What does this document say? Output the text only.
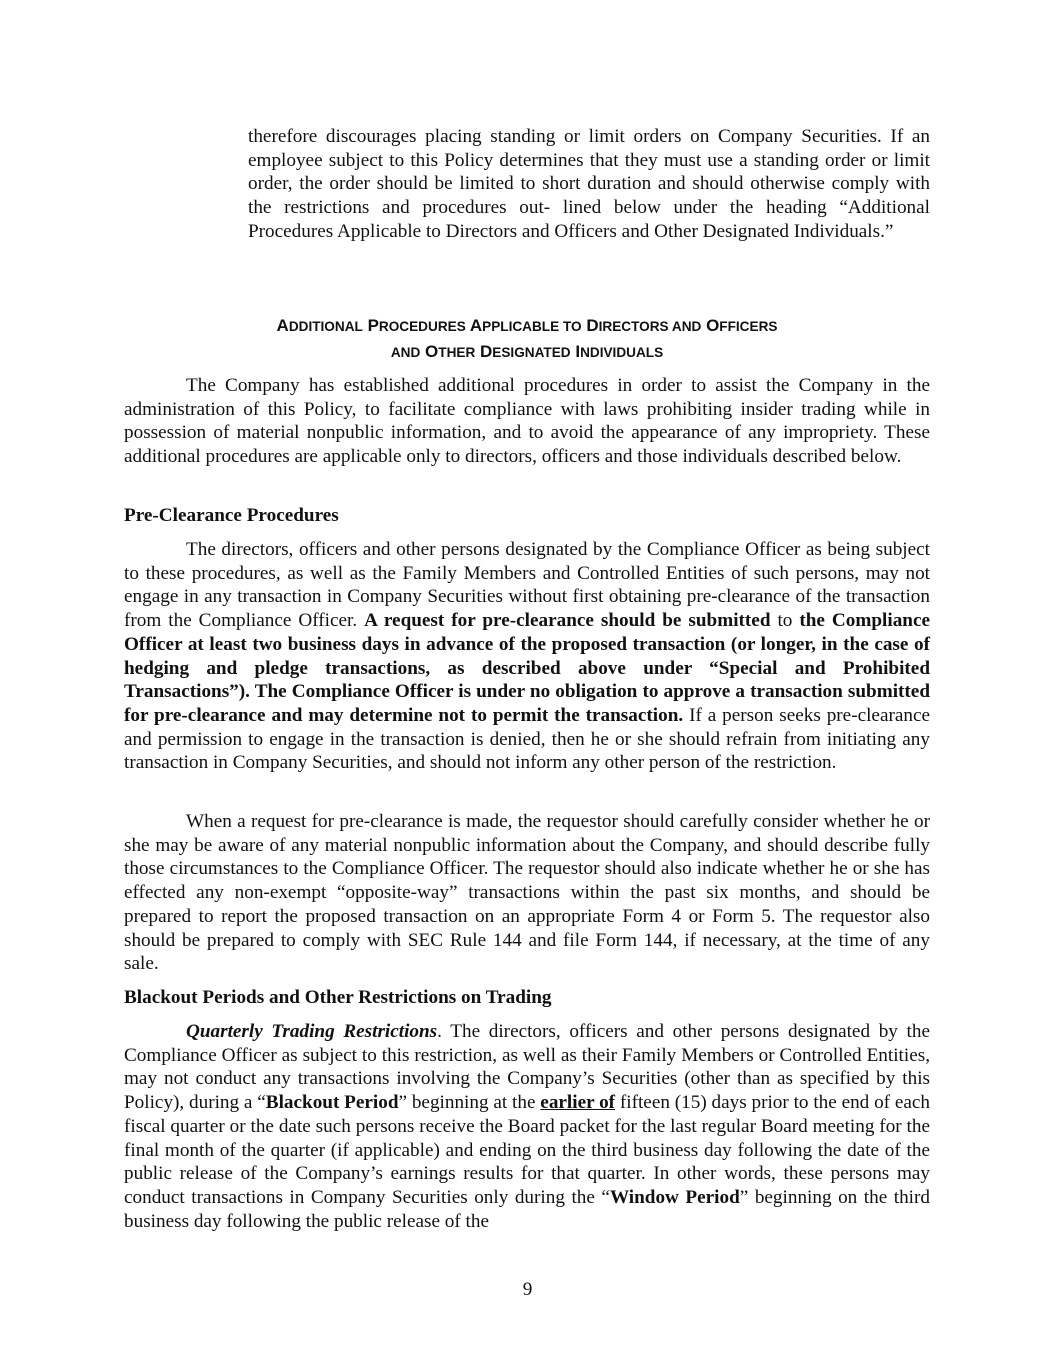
therefore discourages placing standing or limit orders on Company Securities. If an employee subject to this Policy determines that they must use a standing order or limit order, the order should be limited to short duration and should otherwise comply with the restrictions and procedures out- lined below under the heading “Additional Procedures Applicable to Directors and Officers and Other Designated Individuals.”

ADDITIONAL PROCEDURES APPLICABLE TO DIRECTORS AND OFFICERS
AND OTHER DESIGNATED INDIVIDUALS

The Company has established additional procedures in order to assist the Company in the administration of this Policy, to facilitate compliance with laws prohibiting insider trading while in possession of material nonpublic information, and to avoid the appearance of any impropriety. These additional procedures are applicable only to directors, officers and those individuals described below.

Pre-Clearance Procedures

The directors, officers and other persons designated by the Compliance Officer as being subject to these procedures, as well as the Family Members and Controlled Entities of such persons, may not engage in any transaction in Company Securities without first obtaining pre-clearance of the transaction from the Compliance Officer. A request for pre-clearance should be submitted to the Compliance Officer at least two business days in advance of the proposed transaction (or longer, in the case of hedging and pledge transactions, as described above under “Special and Prohibited Transactions”). The Compliance Officer is under no obligation to approve a transaction submitted for pre-clearance and may determine not to permit the transaction. If a person seeks pre-clearance and permission to engage in the transaction is denied, then he or she should refrain from initiating any transaction in Company Securities, and should not inform any other person of the restriction.

When a request for pre-clearance is made, the requestor should carefully consider whether he or she may be aware of any material nonpublic information about the Company, and should describe fully those circumstances to the Compliance Officer. The requestor should also indicate whether he or she has effected any non-exempt “opposite-way” transactions within the past six months, and should be prepared to report the proposed transaction on an appropriate Form 4 or Form 5. The requestor also should be prepared to comply with SEC Rule 144 and file Form 144, if necessary, at the time of any sale.

Blackout Periods and Other Restrictions on Trading

Quarterly Trading Restrictions. The directors, officers and other persons designated by the Compliance Officer as subject to this restriction, as well as their Family Members or Controlled Entities, may not conduct any transactions involving the Company’s Securities (other than as specified by this Policy), during a “Blackout Period” beginning at the earlier of fifteen (15) days prior to the end of each fiscal quarter or the date such persons receive the Board packet for the last regular Board meeting for the final month of the quarter (if applicable) and ending on the third business day following the date of the public release of the Company’s earnings results for that quarter. In other words, these persons may conduct transactions in Company Securities only during the “Window Period” beginning on the third business day following the public release of the

9
